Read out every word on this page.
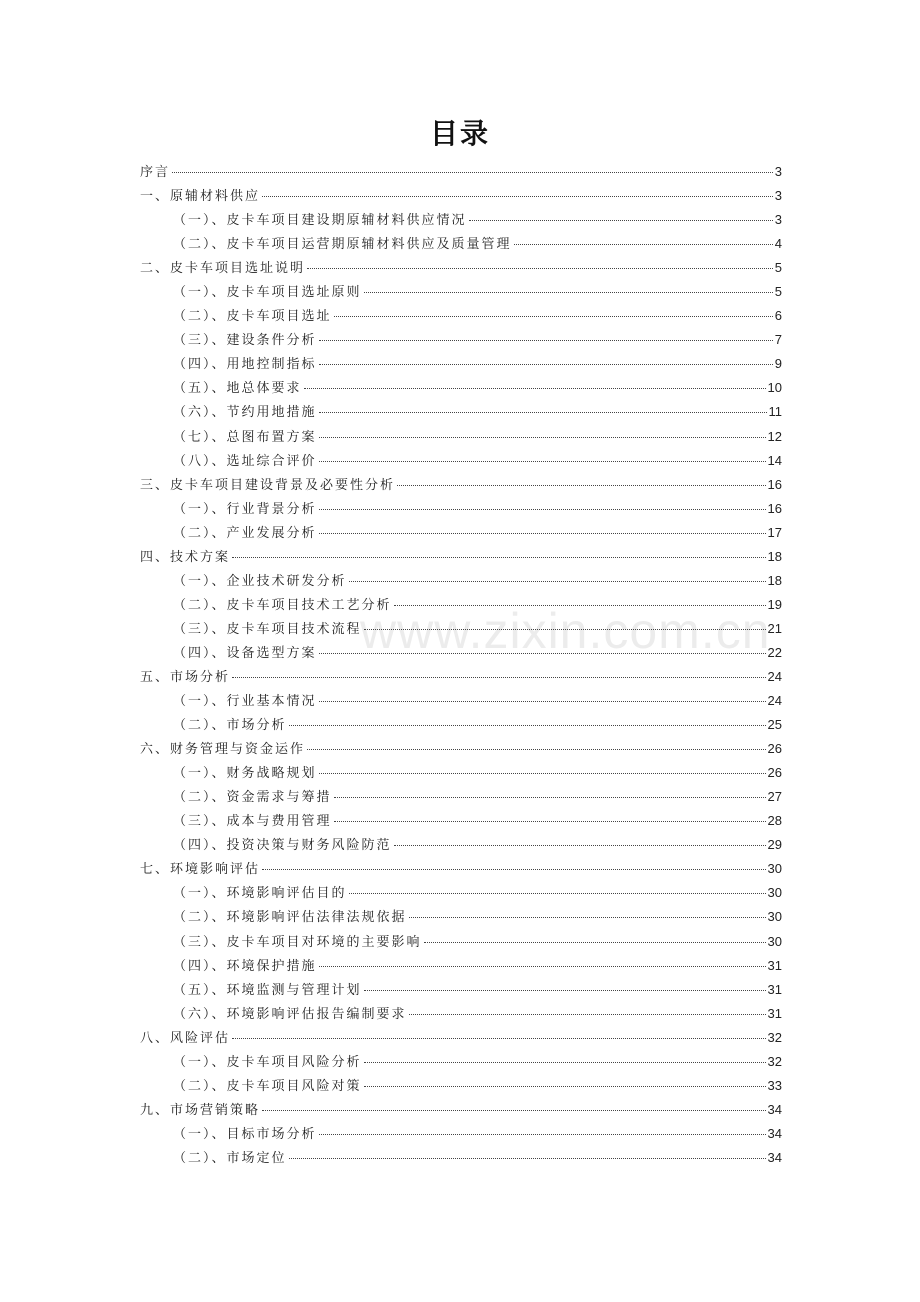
目录
www.zixin.com.cn
序言	3
一、原辅材料供应	3
（一）、皮卡车项目建设期原辅材料供应情况	3
（二）、皮卡车项目运营期原辅材料供应及质量管理	4
二、皮卡车项目选址说明	5
（一）、皮卡车项目选址原则	5
（二）、皮卡车项目选址	6
（三）、建设条件分析	7
（四）、用地控制指标	9
（五）、地总体要求	10
（六）、节约用地措施	11
（七）、总图布置方案	12
（八）、选址综合评价	14
三、皮卡车项目建设背景及必要性分析	16
（一）、行业背景分析	16
（二）、产业发展分析	17
四、技术方案	18
（一）、企业技术研发分析	18
（二）、皮卡车项目技术工艺分析	19
（三）、皮卡车项目技术流程	21
（四）、设备选型方案	22
五、市场分析	24
（一）、行业基本情况	24
（二）、市场分析	25
六、财务管理与资金运作	26
（一）、财务战略规划	26
（二）、资金需求与筹措	27
（三）、成本与费用管理	28
（四）、投资决策与财务风险防范	29
七、环境影响评估	30
（一）、环境影响评估目的	30
（二）、环境影响评估法律法规依据	30
（三）、皮卡车项目对环境的主要影响	30
（四）、环境保护措施	31
（五）、环境监测与管理计划	31
（六）、环境影响评估报告编制要求	31
八、风险评估	32
（一）、皮卡车项目风险分析	32
（二）、皮卡车项目风险对策	33
九、市场营销策略	34
（一）、目标市场分析	34
（二）、市场定位	34
